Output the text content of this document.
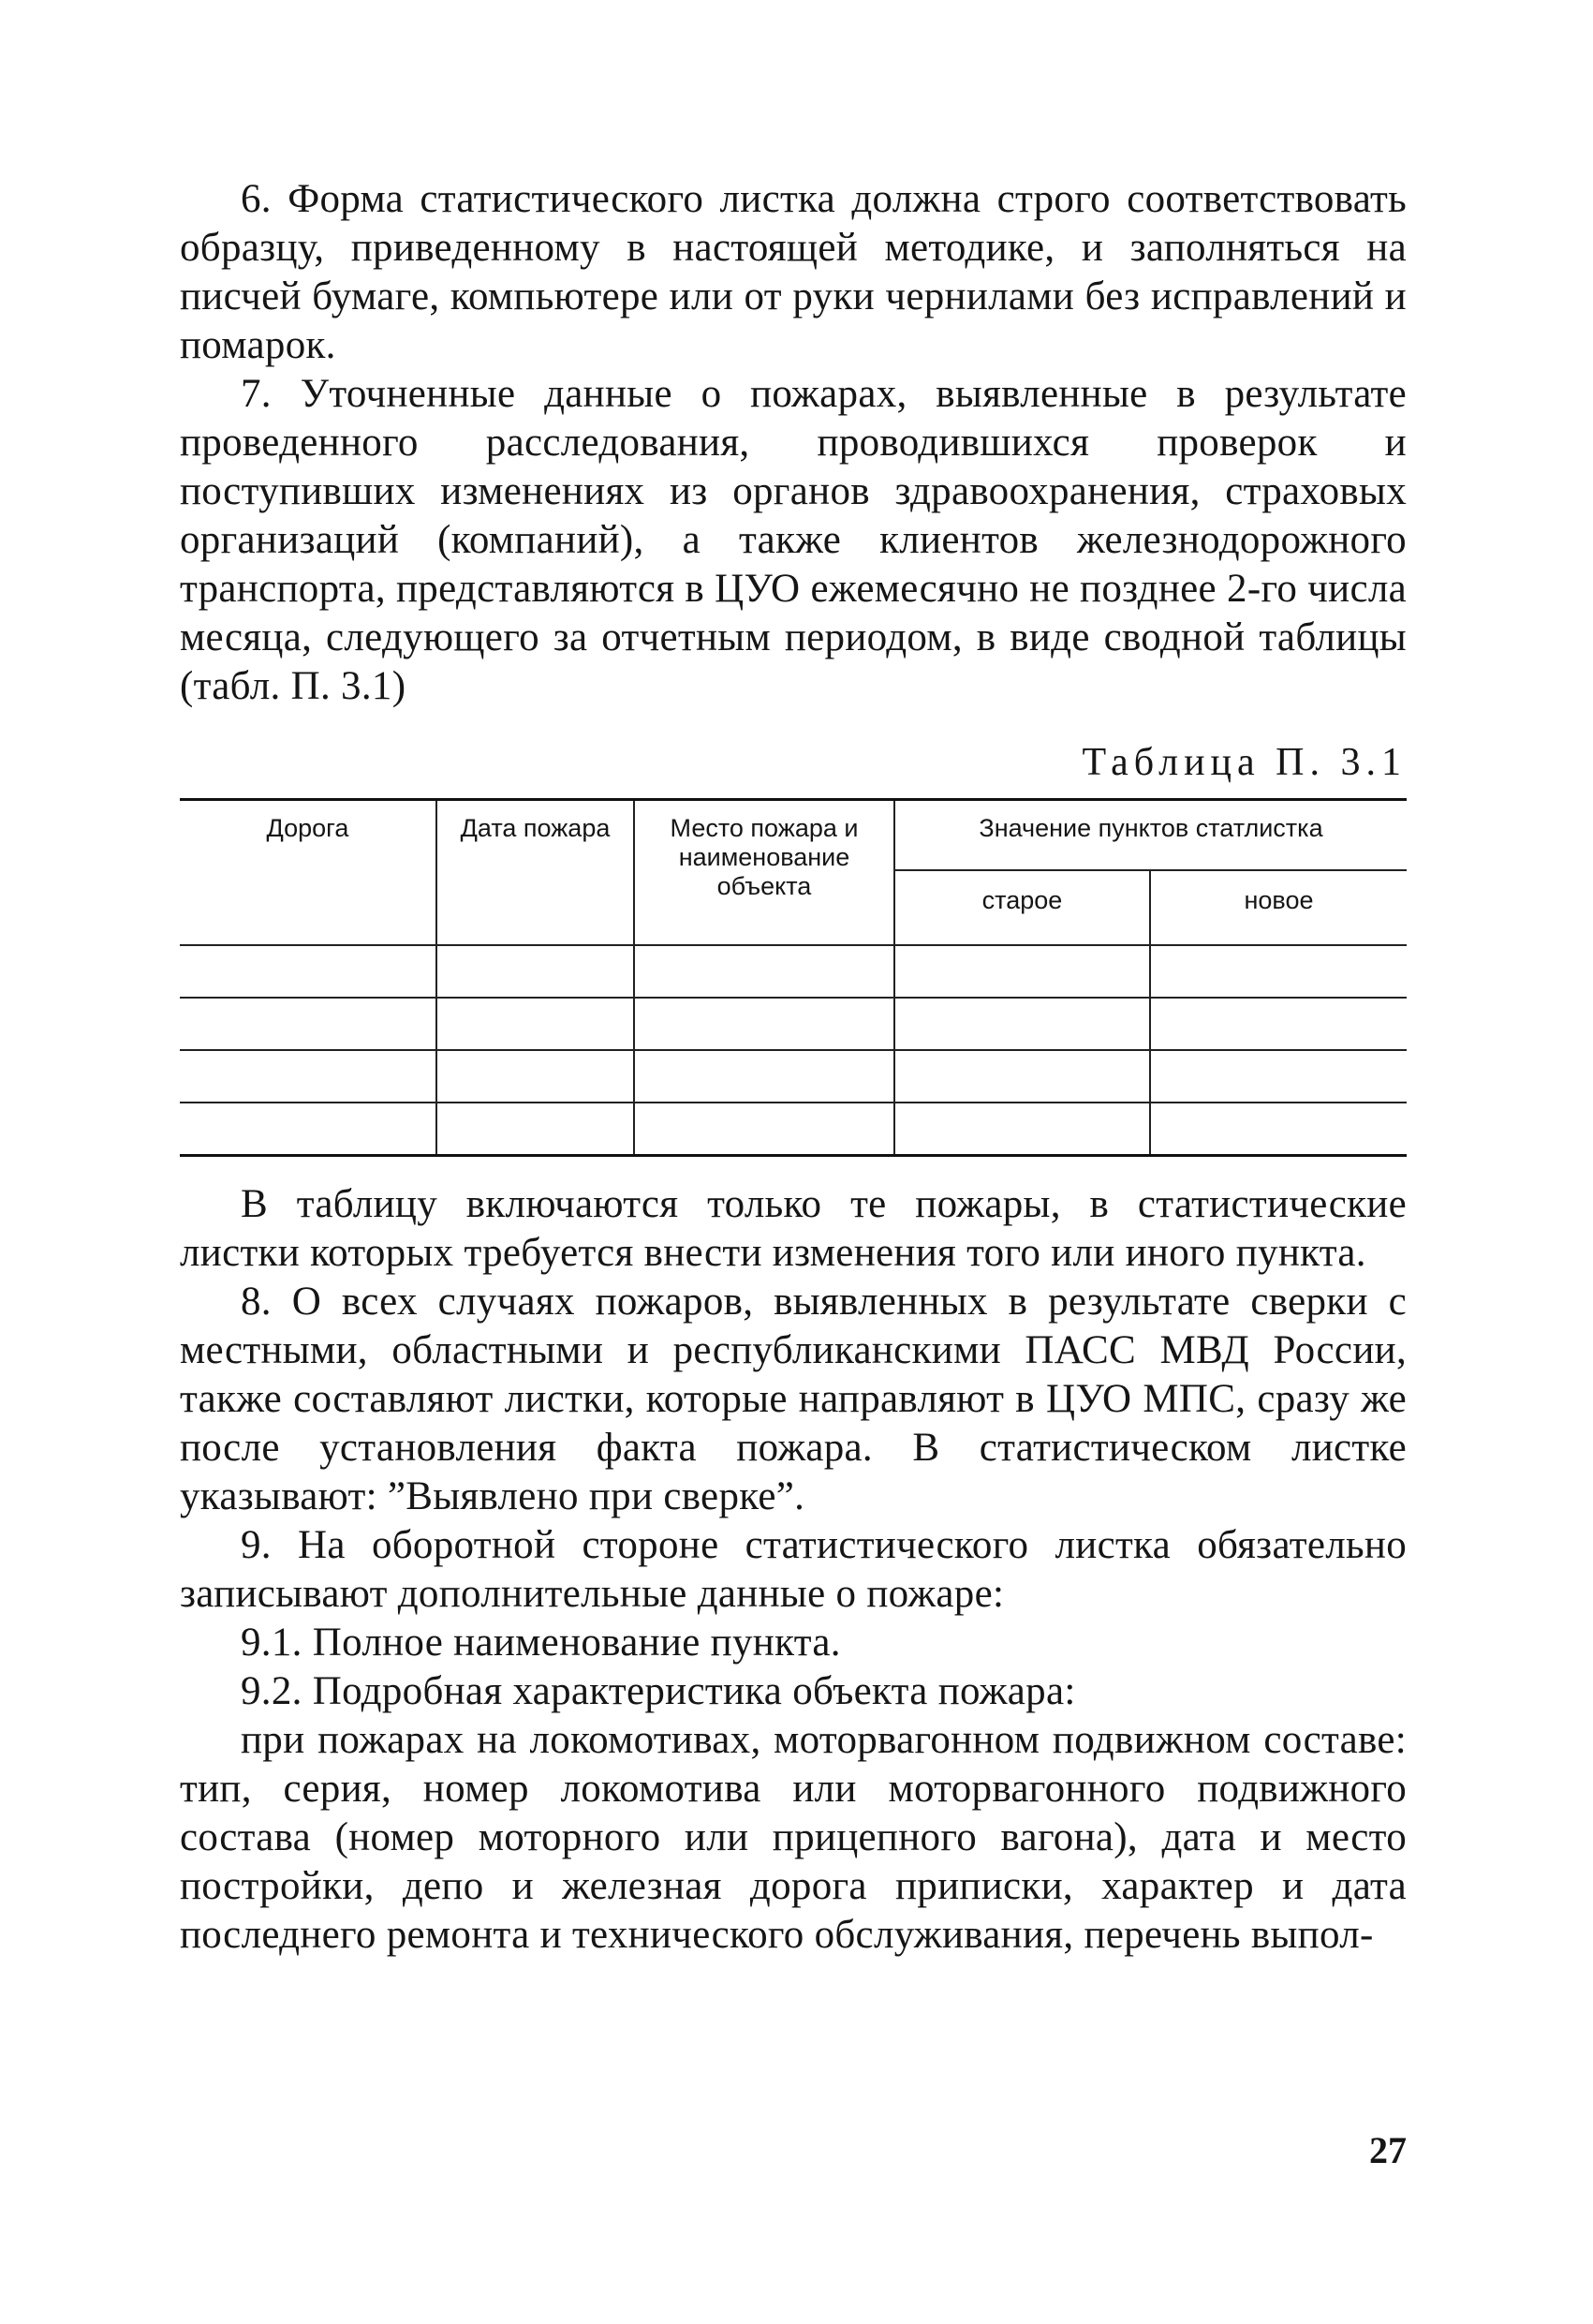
6. Форма статистического листка должна строго соответствовать образцу, приведенному в настоящей методике, и заполняться на писчей бумаге, компьютере или от руки чернилами без исправлений и помарок.

7. Уточненные данные о пожарах, выявленные в результате проведенного расследования, проводившихся проверок и поступивших изменениях из органов здравоохранения, страховых организаций (компаний), а также клиентов железнодорожного транспорта, представляются в ЦУО ежемесячно не позднее 2-го числа месяца, следующего за отчетным периодом, в виде сводной таблицы (табл. П. 3.1)

Таблица П. 3.1
Дорога	Дата пожара	Место пожара и наименование объекта	Значение пунктов статлистка	
			старое	новое

В таблицу включаются только те пожары, в статистические листки которых требуется внести изменения того или иного пункта.

8. О всех случаях пожаров, выявленных в результате сверки с местными, областными и республиканскими ПАСС МВД России, также составляют листки, которые направляют в ЦУО МПС, сразу же после установления факта пожара. В статистическом листке указывают: ”Выявлено при сверке”.

9. На оборотной стороне статистического листка обязательно записывают дополнительные данные о пожаре:

9.1. Полное наименование пункта.

9.2. Подробная характеристика объекта пожара:

при пожарах на локомотивах, моторвагонном подвижном составе: тип, серия, номер локомотива или моторвагонного подвижного состава (номер моторного или прицепного вагона), дата и место постройки, депо и железная дорога приписки, характер и дата последнего ремонта и технического обслуживания, перечень выпол-

27
